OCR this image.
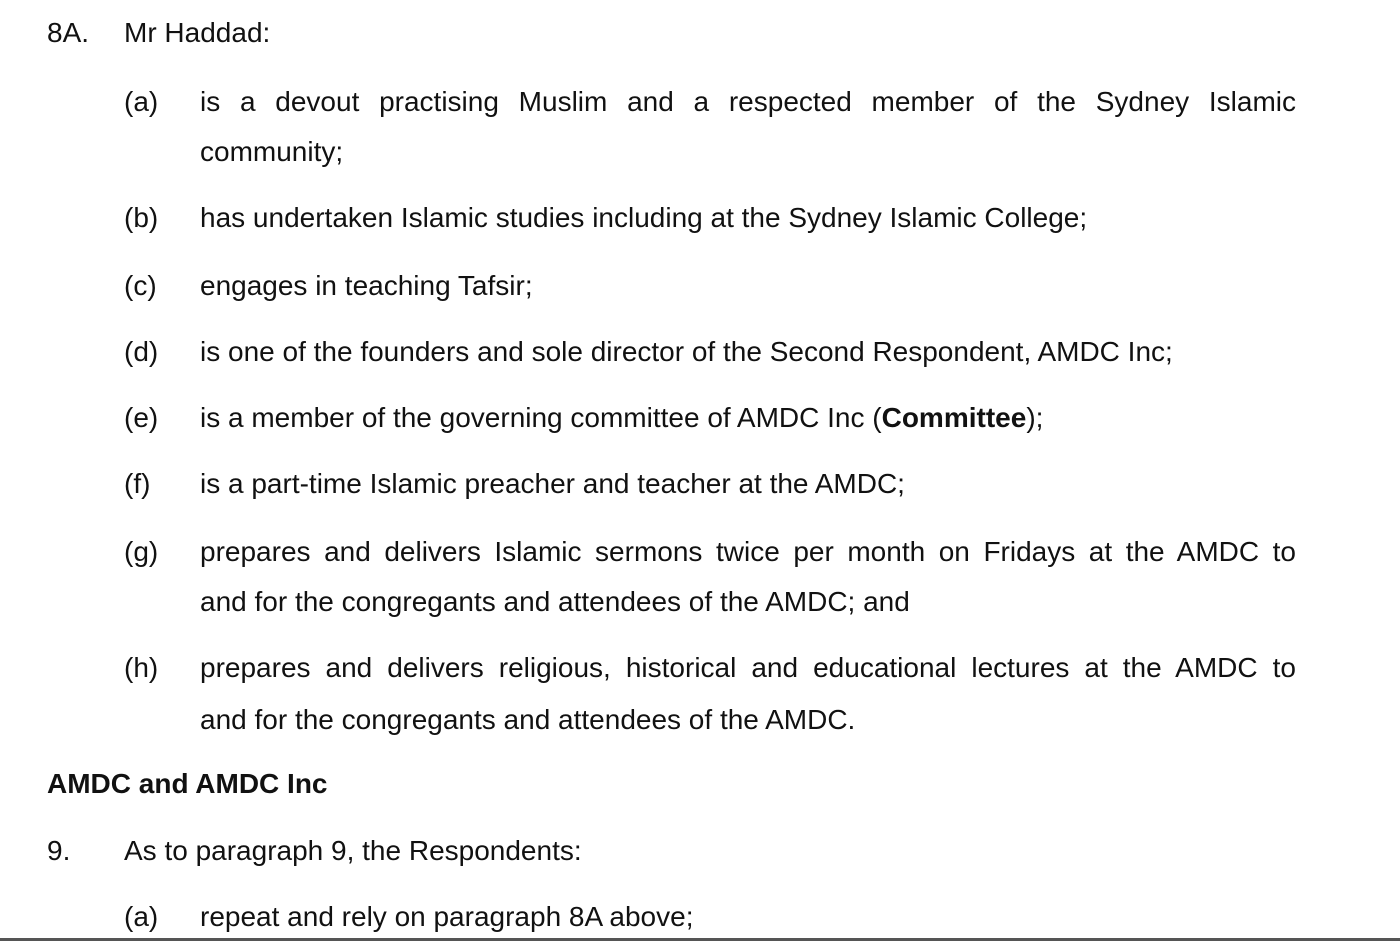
8A. Mr Haddad:
(a) is a devout practising Muslim and a respected member of the Sydney Islamic
community;
(b) has undertaken Islamic studies including at the Sydney Islamic College;
(c) engages in teaching Tafsir;
(d) is one of the founders and sole director of the Second Respondent, AMDC Inc;
(e) is a member of the governing committee of AMDC Inc (Committee);
(f) is a part-time Islamic preacher and teacher at the AMDC;
(g) prepares and delivers Islamic sermons twice per month on Fridays at the AMDC to
and for the congregants and attendees of the AMDC; and
(h) prepares and delivers religious, historical and educational lectures at the AMDC to
and for the congregants and attendees of the AMDC.
AMDC and AMDC Inc
9. As to paragraph 9, the Respondents:
(a) repeat and rely on paragraph 8A above;
